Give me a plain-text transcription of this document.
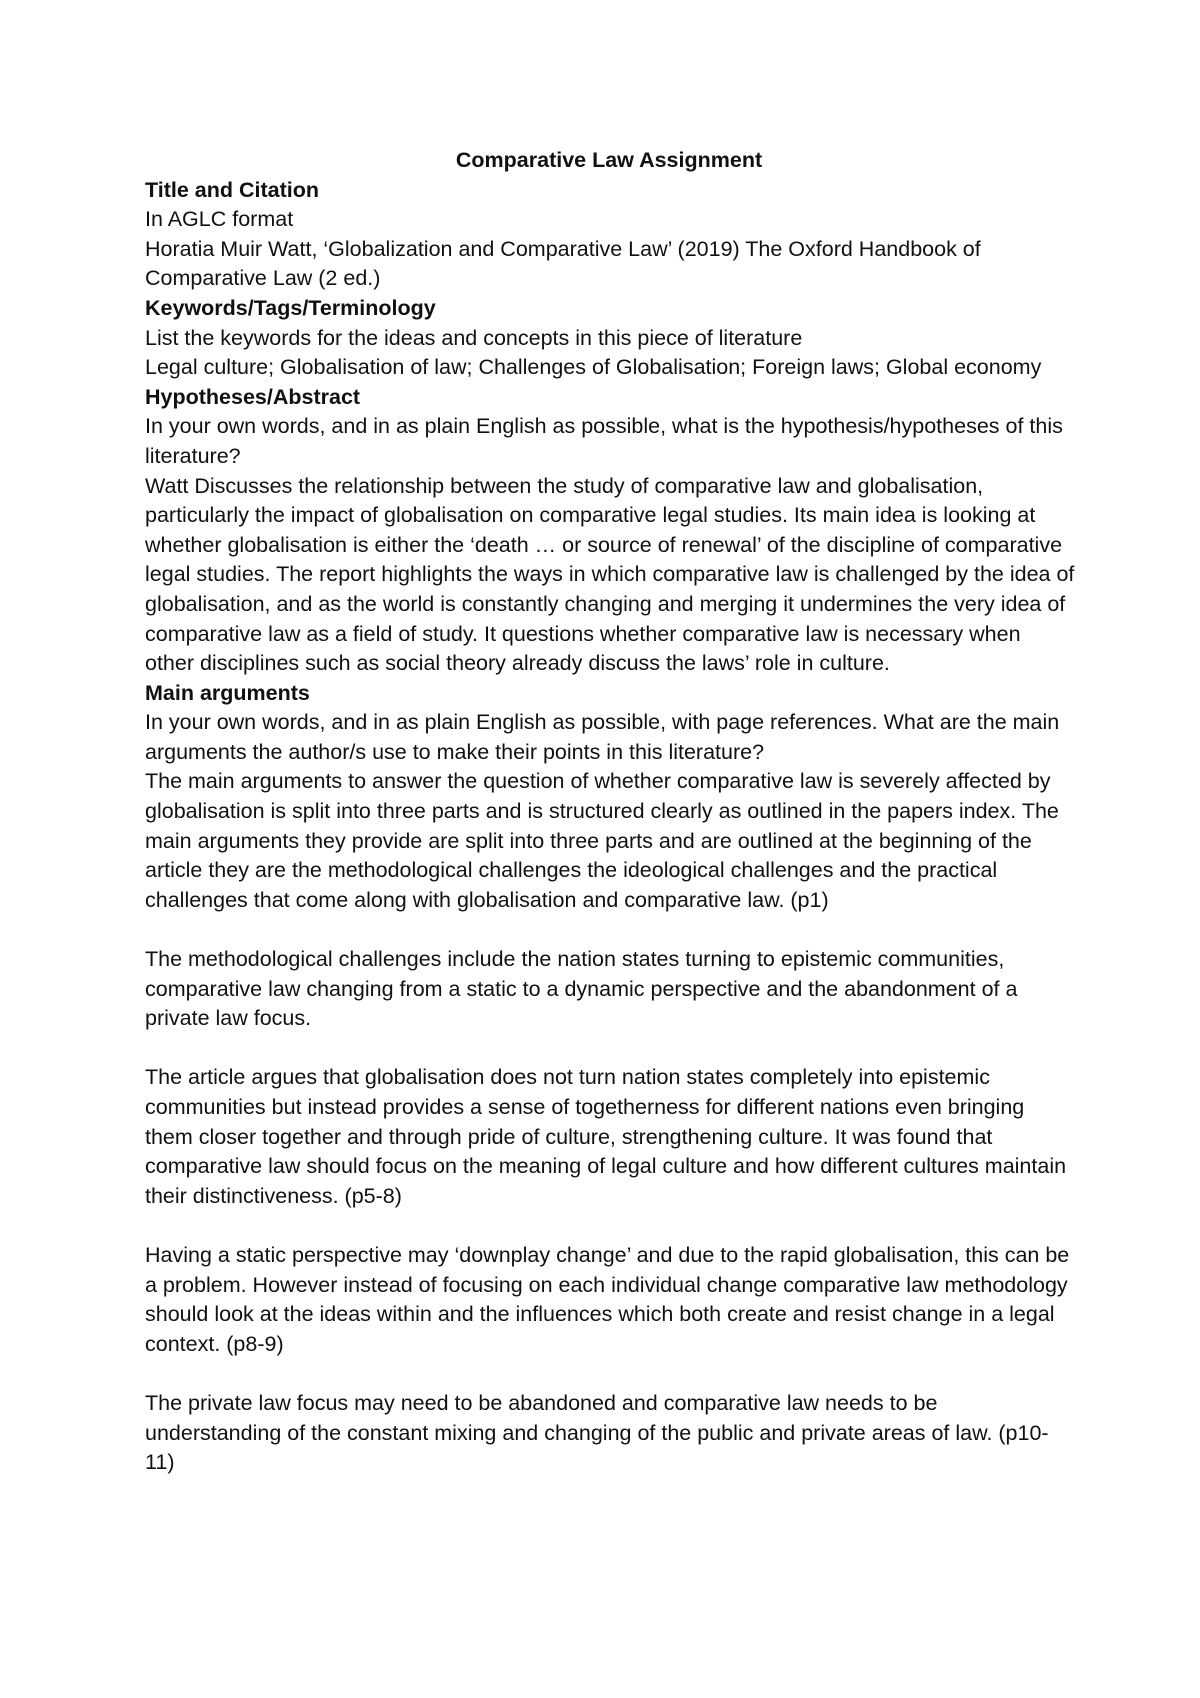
Comparative Law Assignment

Title and Citation

In AGLC format

Horatia Muir Watt, ‘Globalization and Comparative Law’ (2019) The Oxford Handbook of Comparative Law (2 ed.)

Keywords/Tags/Terminology

List the keywords for the ideas and concepts in this piece of literature

Legal culture; Globalisation of law; Challenges of Globalisation; Foreign laws; Global economy

Hypotheses/Abstract

In your own words, and in as plain English as possible, what is the hypothesis/hypotheses of this literature?

Watt Discusses the relationship between the study of comparative law and globalisation, particularly the impact of globalisation on comparative legal studies. Its main idea is looking at whether globalisation is either the ‘death … or source of renewal’ of the discipline of comparative legal studies. The report highlights the ways in which comparative law is challenged by the idea of globalisation, and as the world is constantly changing and merging it undermines the very idea of comparative law as a field of study. It questions whether comparative law is necessary when other disciplines such as social theory already discuss the laws’ role in culture.

Main arguments

In your own words, and in as plain English as possible, with page references. What are the main arguments the author/s use to make their points in this literature?

The main arguments to answer the question of whether comparative law is severely affected by globalisation is split into three parts and is structured clearly as outlined in the papers index. The main arguments they provide are split into three parts and are outlined at the beginning of the article they are the methodological challenges the ideological challenges and the practical challenges that come along with globalisation and comparative law. (p1)

The methodological challenges include the nation states turning to epistemic communities, comparative law changing from a static to a dynamic perspective and the abandonment of a private law focus.

The article argues that globalisation does not turn nation states completely into epistemic communities but instead provides a sense of togetherness for different nations even bringing them closer together and through pride of culture, strengthening culture. It was found that comparative law should focus on the meaning of legal culture and how different cultures maintain their distinctiveness. (p5-8)

Having a static perspective may ‘downplay change’ and due to the rapid globalisation, this can be a problem. However instead of focusing on each individual change comparative law methodology should look at the ideas within and the influences which both create and resist change in a legal context. (p8-9)

The private law focus may need to be abandoned and comparative law needs to be understanding of the constant mixing and changing of the public and private areas of law. (p10-11)
